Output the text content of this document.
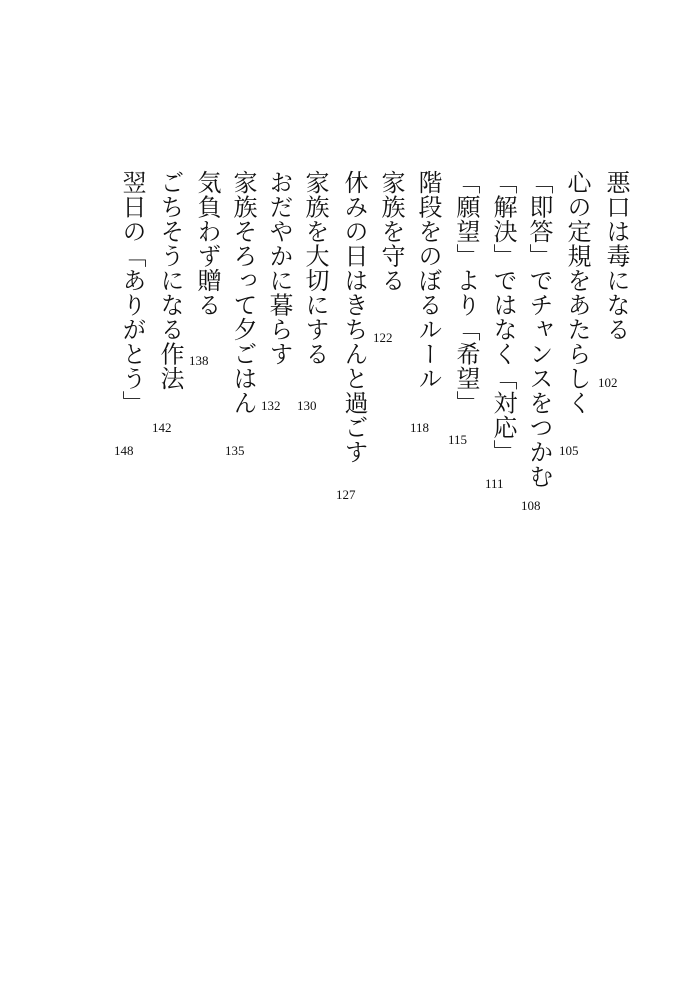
悪口は毒になる
102
心の定規をあたらしく
105
「即答」でチャンスをつかむ
108
「解決」ではなく「対応」
111
「願望」より「希望」
115
階段をのぼるルール
118
家族を守る
122
休みの日はきちんと過ごす
127
家族を大切にする
130
おだやかに暮らす
132
家族そろって夕ごはん
135
気負わず贈る
138
ごちそうになる作法
142
翌日の「ありがとう」
148
